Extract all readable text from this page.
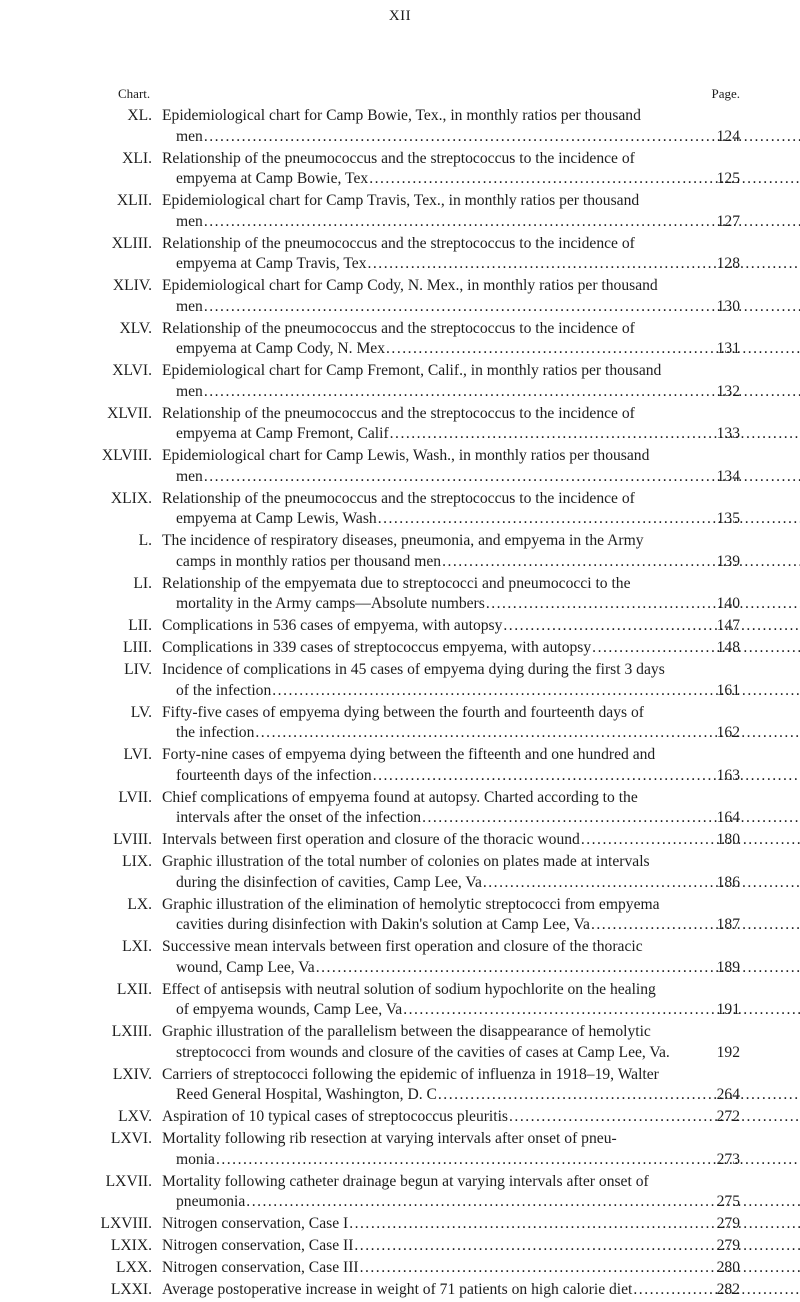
XII
Chart.	Page.
XL. Epidemiological chart for Camp Bowie, Tex., in monthly ratios per thousand
men .....	124
XLI. Relationship of the pneumococcus and the streptococcus to the incidence of
empyema at Camp Bowie, Tex .....	125
XLII. Epidemiological chart for Camp Travis, Tex., in monthly ratios per thousand
men .....	127
XLIII. Relationship of the pneumococcus and the streptococcus to the incidence of
empyema at Camp Travis, Tex .....	128
XLIV. Epidemiological chart for Camp Cody, N. Mex., in monthly ratios per thousand
men .....	130
XLV. Relationship of the pneumococcus and the streptococcus to the incidence of
empyema at Camp Cody, N. Mex .....	131
XLVI. Epidemiological chart for Camp Fremont, Calif., in monthly ratios per thousand
men .....	132
XLVII. Relationship of the pneumococcus and the streptococcus to the incidence of
empyema at Camp Fremont, Calif .....	133
XLVIII. Epidemiological chart for Camp Lewis, Wash., in monthly ratios per thousand
men .....	134
XLIX. Relationship of the pneumococcus and the streptococcus to the incidence of
empyema at Camp Lewis, Wash .....	135
L. The incidence of respiratory diseases, pneumonia, and empyema in the Army
camps in monthly ratios per thousand men .....	139
LI. Relationship of the empyemata due to streptococci and pneumococci to the
mortality in the Army camps—Absolute numbers .....	140
LII. Complications in 536 cases of empyema, with autopsy .....	147
LIII. Complications in 339 cases of streptococcus empyema, with autopsy .....	148
LIV. Incidence of complications in 45 cases of empyema dying during the first 3 days
of the infection .....	161
LV. Fifty-five cases of empyema dying between the fourth and fourteenth days of
the infection .....	162
LVI. Forty-nine cases of empyema dying between the fifteenth and one hundred and
fourteenth days of the infection .....	163
LVII. Chief complications of empyema found at autopsy. Charted according to the
intervals after the onset of the infection .....	164
LVIII. Intervals between first operation and closure of the thoracic wound .....	180
LIX. Graphic illustration of the total number of colonies on plates made at intervals
during the disinfection of cavities, Camp Lee, Va .....	186
LX. Graphic illustration of the elimination of hemolytic streptococci from empyema
cavities during disinfection with Dakin's solution at Camp Lee, Va .....	187
LXI. Successive mean intervals between first operation and closure of the thoracic
wound, Camp Lee, Va .....	189
LXII. Effect of antisepsis with neutral solution of sodium hypochlorite on the healing
of empyema wounds, Camp Lee, Va .....	191
LXIII. Graphic illustration of the parallelism between the disappearance of hemolytic
streptococci from wounds and closure of the cavities of cases at Camp Lee, Va.	192
LXIV. Carriers of streptococci following the epidemic of influenza in 1918–19, Walter
Reed General Hospital, Washington, D. C .....	264
LXV. Aspiration of 10 typical cases of streptococcus pleuritis .....	272
LXVI. Mortality following rib resection at varying intervals after onset of pneu-
monia .....	273
LXVII. Mortality following catheter drainage begun at varying intervals after onset of
pneumonia .....	275
LXVIII. Nitrogen conservation, Case I .....	279
LXIX. Nitrogen conservation, Case II .....	279
LXX. Nitrogen conservation, Case III .....	280
LXXI. Average postoperative increase in weight of 71 patients on high calorie diet .....	282
